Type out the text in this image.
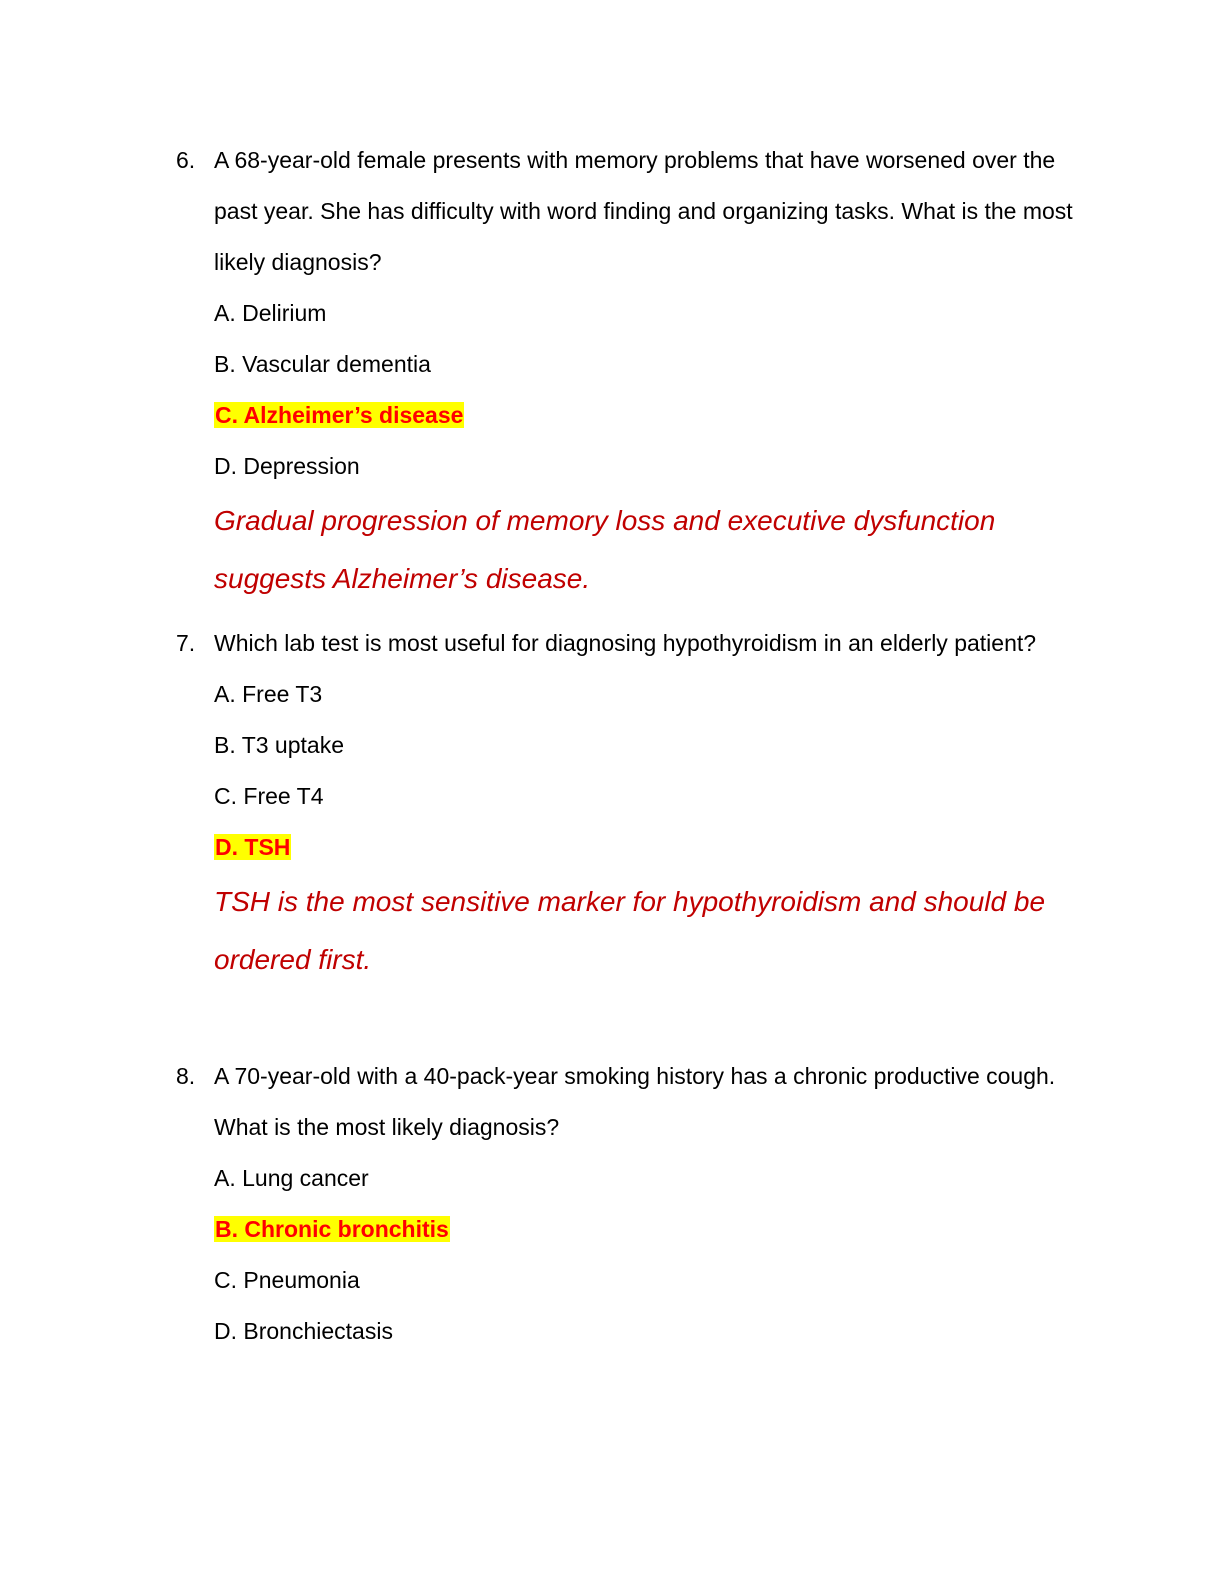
6. A 68-year-old female presents with memory problems that have worsened over the past year. She has difficulty with word finding and organizing tasks. What is the most likely diagnosis?

A. Delirium
B. Vascular dementia
C. Alzheimer’s disease
D. Depression

Gradual progression of memory loss and executive dysfunction suggests Alzheimer’s disease.

7. Which lab test is most useful for diagnosing hypothyroidism in an elderly patient?

A. Free T3
B. T3 uptake
C. Free T4
D. TSH

TSH is the most sensitive marker for hypothyroidism and should be ordered first.

8. A 70-year-old with a 40-pack-year smoking history has a chronic productive cough. What is the most likely diagnosis?

A. Lung cancer
B. Chronic bronchitis
C. Pneumonia
D. Bronchiectasis
